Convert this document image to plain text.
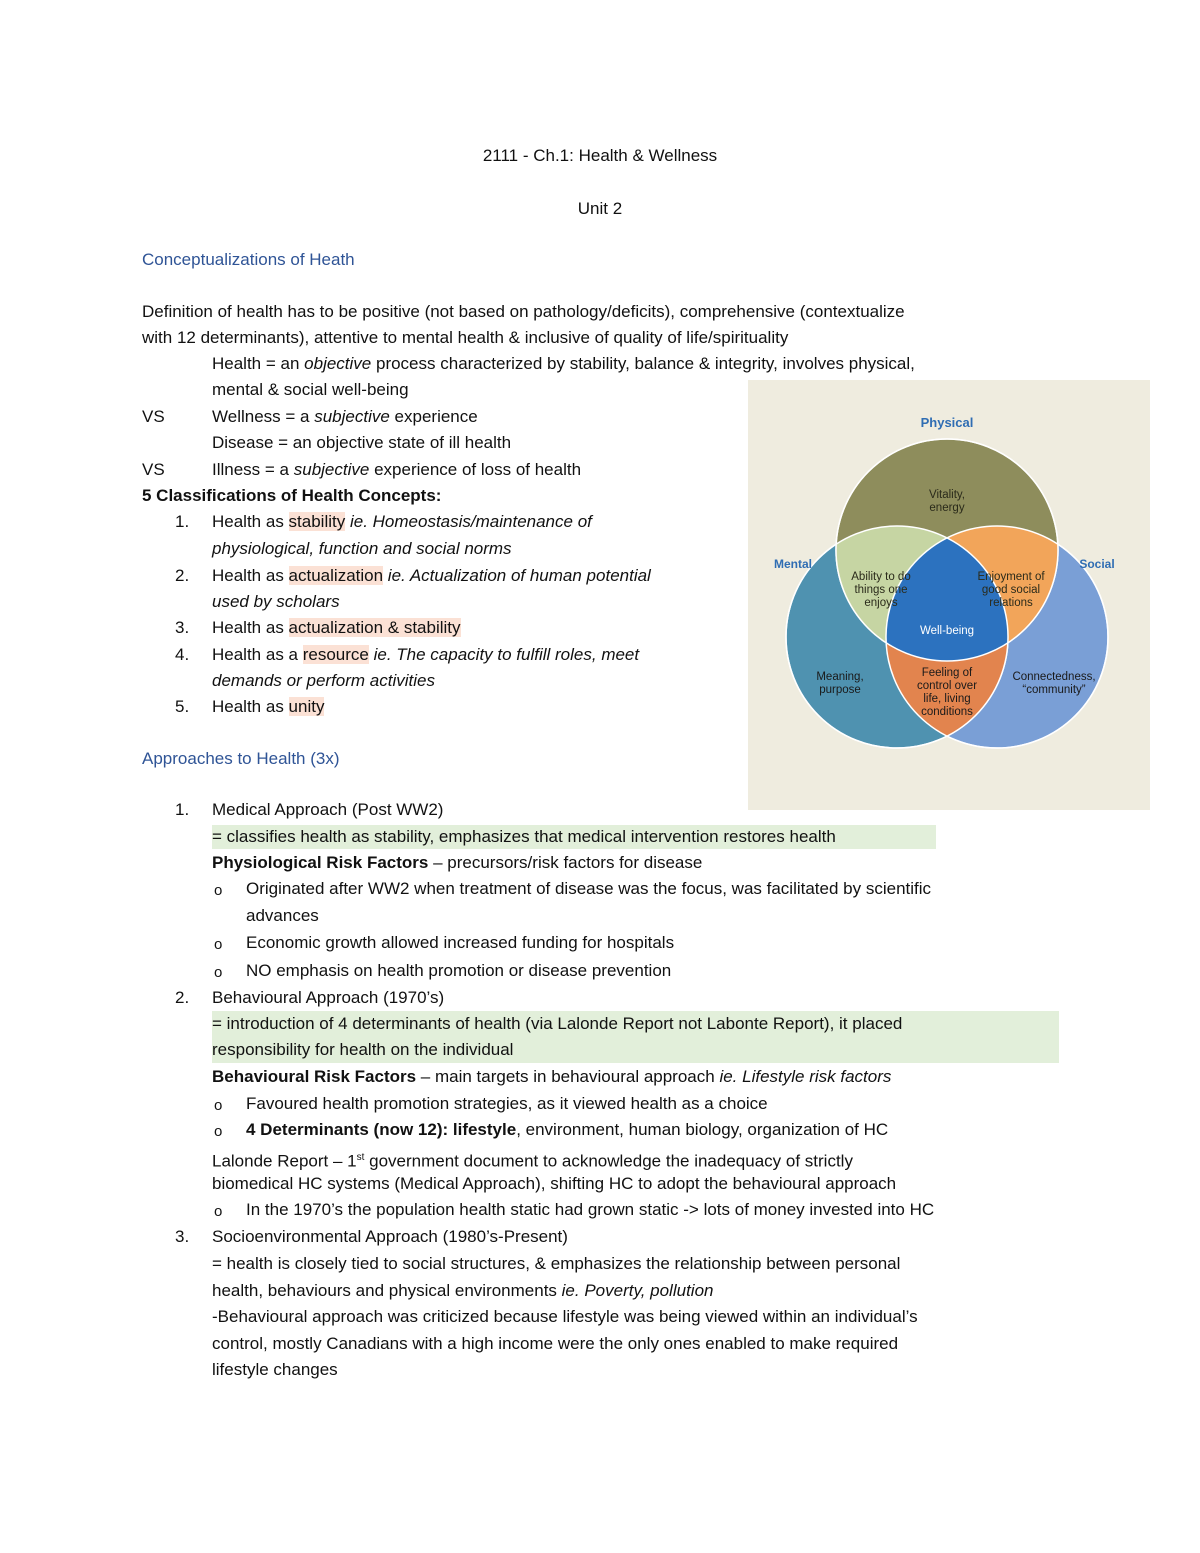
2111 - Ch.1: Health & Wellness
Unit 2
Conceptualizations of Heath
Definition of health has to be positive (not based on pathology/deficits), comprehensive (contextualize
with 12 determinants), attentive to mental health & inclusive of quality of life/spirituality
Health = an objective process characterized by stability, balance & integrity, involves physical,
mental & social well-being
VS	Wellness = a subjective experience
Disease = an objective state of ill health
VS	Illness = a subjective experience of loss of health
5 Classifications of Health Concepts:
1. Health as stability ie. Homeostasis/maintenance of
physiological, function and social norms
2. Health as actualization ie. Actualization of human potential
used by scholars
3. Health as actualization & stability
4. Health as a resource ie. The capacity to fulfill roles, meet
demands or perform activities
5. Health as unity
Physical
Mental	Social
Vitality, energy
Ability to do things one enjoys
Enjoyment of good social relations
Well-being
Meaning, purpose
Feeling of control over life, living conditions
Connectedness, “community”
Approaches to Health (3x)
1. Medical Approach (Post WW2)
= classifies health as stability, emphasizes that medical intervention restores health
Physiological Risk Factors – precursors/risk factors for disease
o Originated after WW2 when treatment of disease was the focus, was facilitated by scientific
advances
o Economic growth allowed increased funding for hospitals
o NO emphasis on health promotion or disease prevention
2. Behavioural Approach (1970’s)
= introduction of 4 determinants of health (via Lalonde Report not Labonte Report), it placed
responsibility for health on the individual
Behavioural Risk Factors – main targets in behavioural approach ie. Lifestyle risk factors
o Favoured health promotion strategies, as it viewed health as a choice
o 4 Determinants (now 12): lifestyle, environment, human biology, organization of HC
Lalonde Report – 1st government document to acknowledge the inadequacy of strictly
biomedical HC systems (Medical Approach), shifting HC to adopt the behavioural approach
o In the 1970’s the population health static had grown static -> lots of money invested into HC
3. Socioenvironmental Approach (1980’s-Present)
= health is closely tied to social structures, & emphasizes the relationship between personal
health, behaviours and physical environments ie. Poverty, pollution
-Behavioural approach was criticized because lifestyle was being viewed within an individual’s
control, mostly Canadians with a high income were the only ones enabled to make required
lifestyle changes
